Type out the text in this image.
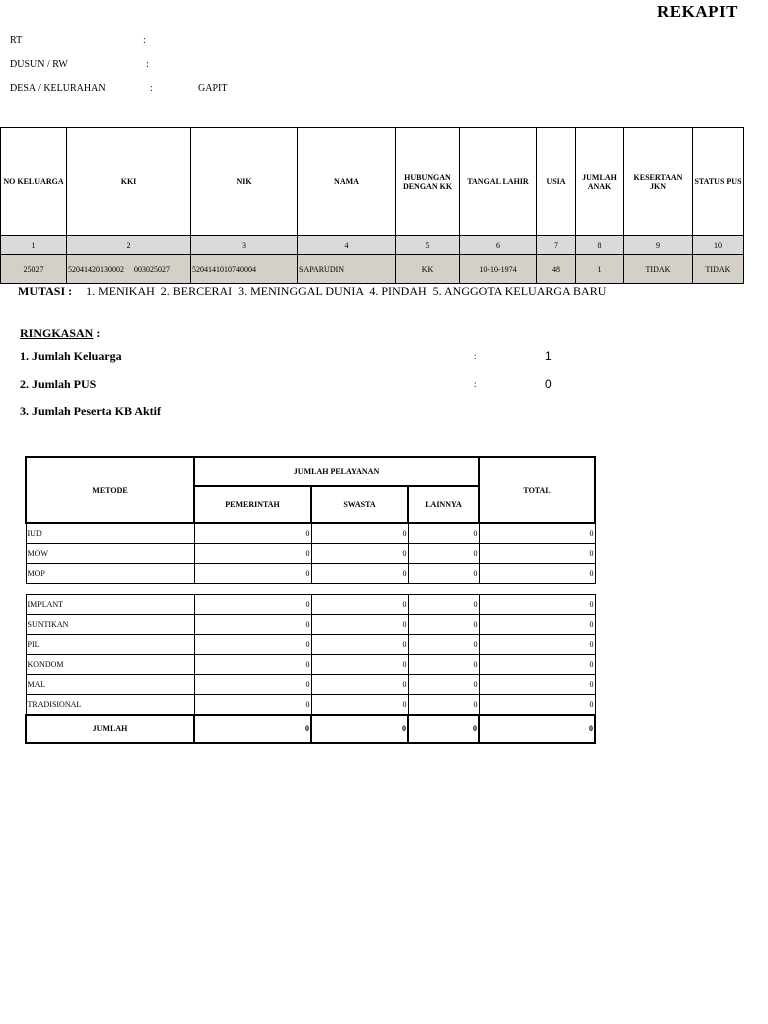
REKAPIT
RT	:
DUSUN / RW	:
DESA / KELURAHAN	:	GAPIT
NO KELUARGA	KKI	NIK	NAMA	HUBUNGAN DENGAN KK	TANGAL LAHIR	USIA	JUMLAH ANAK	KESERTAAN JKN	STATUS PUS
1	2	3	4	5	6	7	8	9	10
25027	52041420130002     003025027	5204141010740004	SAPARUDIN	KK	10-10-1974	48	1	TIDAK	TIDAK
MUTASI : 1. MENIKAH  2. BERCERAI  3. MENINGGAL DUNIA  4. PINDAH  5. ANGGOTA KELUARGA BARU
RINGKASAN :
1. Jumlah Keluarga	:	1
2. Jumlah PUS	:	0
3. Jumlah Peserta KB Aktif
METODE	JUMLAH PELAYANAN			TOTAL
	PEMERINTAH	SWASTA	LAINNYA	
IUD	0	0	0	0
MOW	0	0	0	0
MOP	0	0	0	0
IMPLANT	0	0	0	0
SUNTIKAN	0	0	0	0
PIL	0	0	0	0
KONDOM	0	0	0	0
MAL	0	0	0	0
TRADISIONAL	0	0	0	0
JUMLAH	0	0	0	0
